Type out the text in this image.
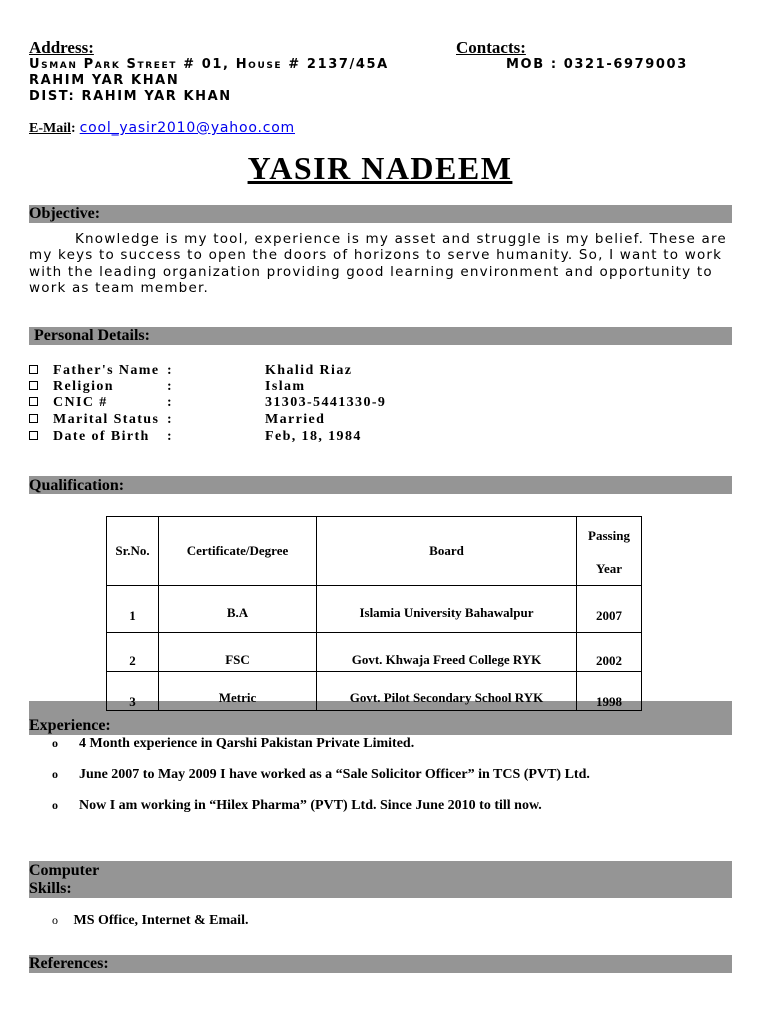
Address:	Contacts:
Usman Park Street # 01, House # 2137/45A
RAHIM YAR KHAN
DIST: RAHIM YAR KHAN
MOB : 0321-6979003
E-Mail: cool_yasir2010@yahoo.com
YASIR NADEEM
Objective:
Knowledge is my tool, experience is my asset and struggle is my belief. These are my keys to success to open the doors of horizons to serve humanity. So, I want to work with the leading organization providing good learning environment and opportunity to work as team member.
Personal Details:
Father's Name :	Khalid Riaz
Religion	:	Islam
CNIC #	:	31303-5441330-9
Marital Status :	Married
Date of Birth :	Feb, 18, 1984
Qualification:
Experience:
Sr.No.	Certificate/Degree	Board	Passing
Year
1	B.A	Islamia University Bahawalpur	2007
2	FSC	Govt. Khwaja Freed College RYK	2002
3	Metric	Govt. Pilot Secondary School RYK	1998
o 4 Month experience in Qarshi Pakistan Private Limited.
o June 2007 to May 2009 I have worked as a “Sale Solicitor Officer” in TCS (PVT) Ltd.
o Now I am working in “Hilex Pharma” (PVT) Ltd. Since June 2010 to till now.
Computer
Skills:
o MS Office, Internet & Email.
References:
